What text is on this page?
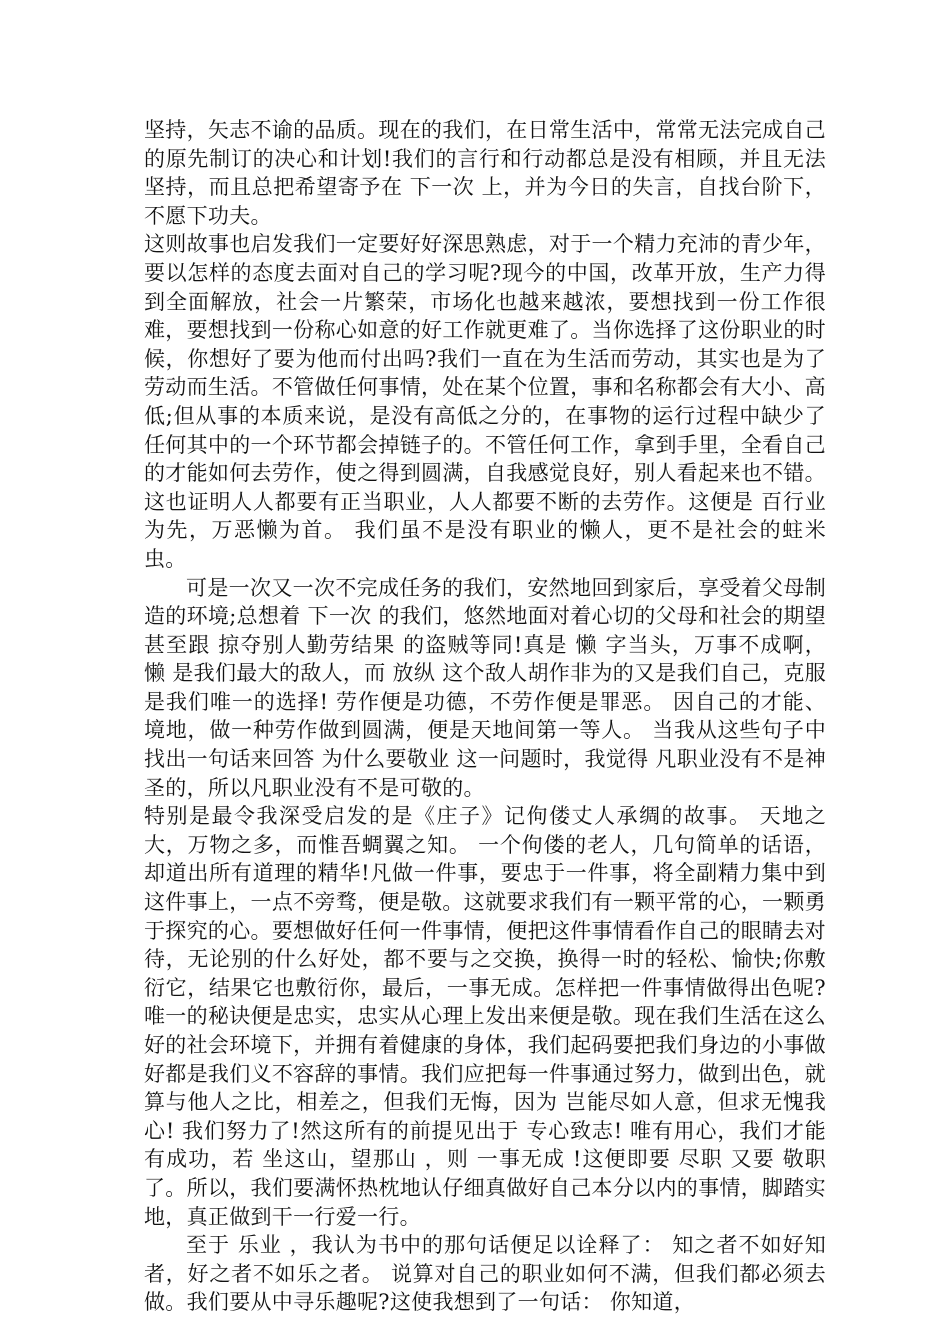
坚持，矢志不谕的品质。现在的我们，在日常生活中，常常无法完成自己的原先制订的决心和计划!我们的言行和行动都总是没有相顾，并且无法坚持，而且总把希望寄予在 下一次 上，并为今日的失言，自找台阶下，不愿下功夫。

这则故事也启发我们一定要好好深思熟虑，对于一个精力充沛的青少年，要以怎样的态度去面对自己的学习呢?现今的中国，改革开放，生产力得到全面解放，社会一片繁荣，市场化也越来越浓，要想找到一份工作很难，要想找到一份称心如意的好工作就更难了。当你选择了这份职业的时候，你想好了要为他而付出吗?我们一直在为生活而劳动，其实也是为了劳动而生活。不管做任何事情，处在某个位置，事和名称都会有大小、高低;但从事的本质来说，是没有高低之分的，在事物的运行过程中缺少了任何其中的一个环节都会掉链子的。不管任何工作，拿到手里，全看自己的才能如何去劳作，使之得到圆满，自我感觉良好，别人看起来也不错。这也证明人人都要有正当职业，人人都要不断的去劳作。这便是 百行业为先，万恶懒为首。 我们虽不是没有职业的懒人，更不是社会的蛀米虫。

可是一次又一次不完成任务的我们，安然地回到家后，享受着父母制造的环境;总想着 下一次 的我们，悠然地面对着心切的父母和社会的期望 甚至跟 掠夺别人勤劳结果 的盗贼等同!真是 懒 字当头，万事不成啊， 懒 是我们最大的敌人，而 放纵 这个敌人胡作非为的又是我们自己，克服是我们唯一的选择! 劳作便是功德，不劳作便是罪恶。 因自己的才能、境地，做一种劳作做到圆满，便是天地间第一等人。 当我从这些句子中找出一句话来回答 为什么要敬业 这一问题时，我觉得 凡职业没有不是神圣的，所以凡职业没有不是可敬的。

特别是最令我深受启发的是《庄子》记佝偻丈人承绸的故事。 天地之大，万物之多，而惟吾蜩翼之知。 一个佝偻的老人，几句简单的话语，却道出所有道理的精华!凡做一件事，要忠于一件事，将全副精力集中到这件事上，一点不旁骛，便是敬。这就要求我们有一颗平常的心，一颗勇于探究的心。要想做好任何一件事情，便把这件事情看作自己的眼睛去对待，无论别的什么好处，都不要与之交换，换得一时的轻松、愉快;你敷衍它，结果它也敷衍你，最后，一事无成。怎样把一件事情做得出色呢?唯一的秘诀便是忠实，忠实从心理上发出来便是敬。现在我们生活在这么好的社会环境下，并拥有着健康的身体，我们起码要把我们身边的小事做好都是我们义不容辞的事情。我们应把每一件事通过努力，做到出色，就算与他人之比，相差之，但我们无悔，因为 岂能尽如人意，但求无愧我心! 我们努力了!然这所有的前提见出于 专心致志! 唯有用心，我们才能有成功，若 坐这山，望那山 ，则 一事无成 !这便即要 尽职 又要 敬职 了。所以，我们要满怀热枕地认仔细真做好自己本分以内的事情，脚踏实地，真正做到干一行爱一行。

至于 乐业 ，我认为书中的那句话便足以诠释了： 知之者不如好知者，好之者不如乐之者。 说算对自己的职业如何不满，但我们都必须去做。我们要从中寻乐趣呢?这使我想到了一句话： 你知道，
